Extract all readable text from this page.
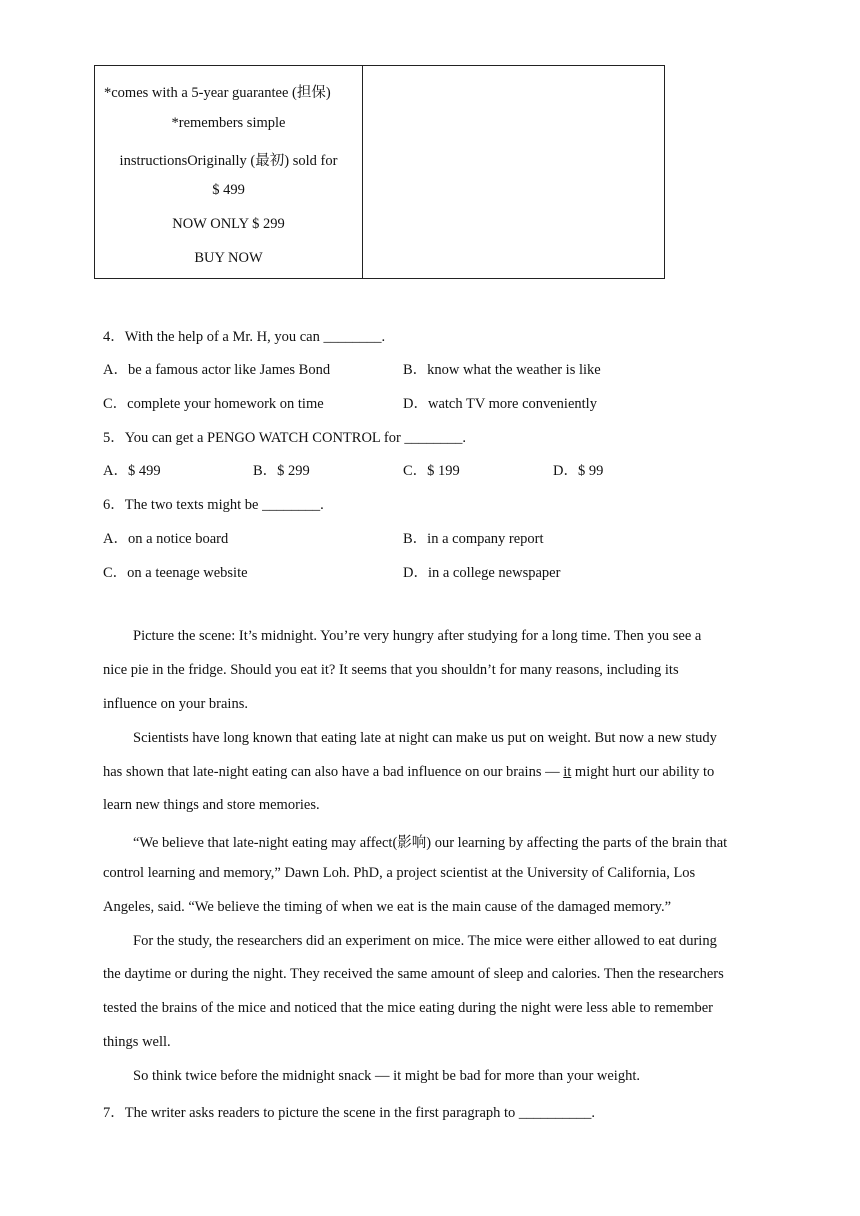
*comes with a 5-year guarantee (担保)
*remembers simple
instructionsOriginally (最初) sold for
$ 499
NOW ONLY $ 299
BUY NOW
4．With the help of a Mr. H, you can ________.
A．be a famous actor like James Bond	B．know what the weather is like
C．complete your homework on time	D．watch TV more conveniently
5．You can get a PENGO WATCH CONTROL for ________.
A．$ 499	B．$ 299	C．$ 199	D．$ 99
6．The two texts might be ________.
A．on a notice board	B．in a company report
C．on a teenage website	D．in a college newspaper
Picture the scene: It’s midnight. You’re very hungry after studying for a long time. Then you see a
nice pie in the fridge. Should you eat it? It seems that you shouldn’t for many reasons, including its
influence on your brains.
Scientists have long known that eating late at night can make us put on weight. But now a new study
has shown that late-night eating can also have a bad influence on our brains — it might hurt our ability to
learn new things and store memories.
“We believe that late-night eating may affect(影响) our learning by affecting the parts of the brain that
control learning and memory,” Dawn Loh. PhD, a project scientist at the University of California, Los
Angeles, said. “We believe the timing of when we eat is the main cause of the damaged memory.”
For the study, the researchers did an experiment on mice. The mice were either allowed to eat during
the daytime or during the night. They received the same amount of sleep and calories. Then the researchers
tested the brains of the mice and noticed that the mice eating during the night were less able to remember
things well.
So think twice before the midnight snack — it might be bad for more than your weight.
7．The writer asks readers to picture the scene in the first paragraph to __________.
